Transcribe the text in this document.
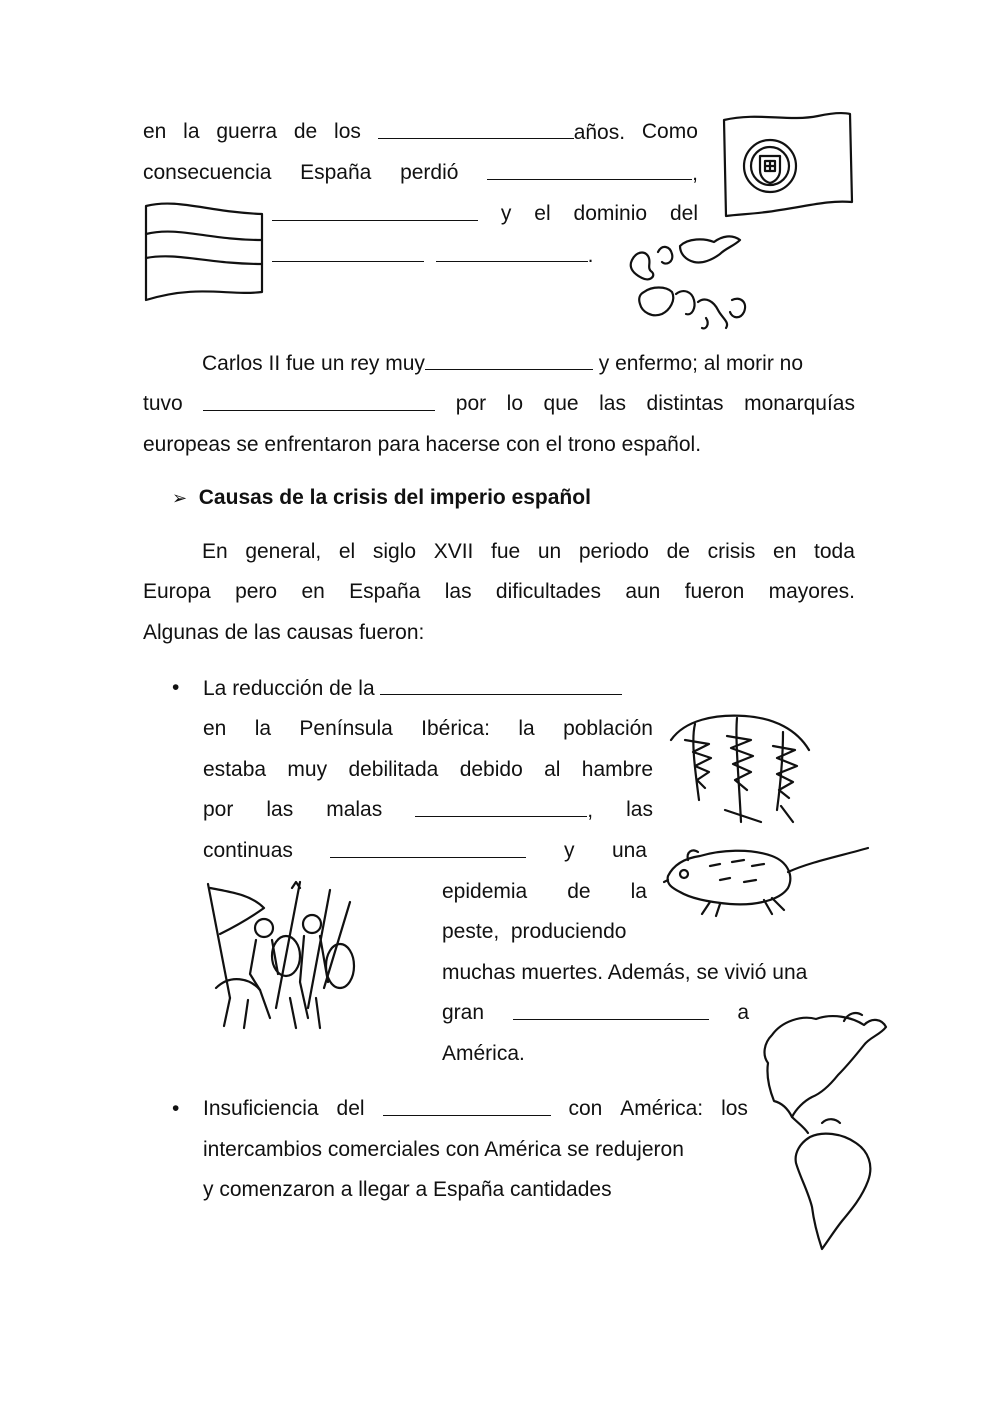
en la guerra de los	años. Como
consecuencia España perdió	,
y el dominio del
.
Carlos II fue un rey muy	y enfermo; al morir no
tuvo	por lo que las distintas monarquías
europeas se enfrentaron para hacerse con el trono español.
➢ Causas de la crisis del imperio español
En general, el siglo XVII fue un periodo de crisis en toda
Europa pero en España las dificultades aun fueron mayores.
Algunas de las causas fueron:
• La reducción de la
en la Península Ibérica: la población
estaba muy debilitada debido al hambre
por las malas	, las
continuas	y una
epidemia de la
peste,  produciendo
muchas muertes. Además, se vivió una
gran	a
América.
• Insuficiencia del	con América: los
intercambios comerciales con América se redujeron
y comenzaron a llegar a España cantidades
